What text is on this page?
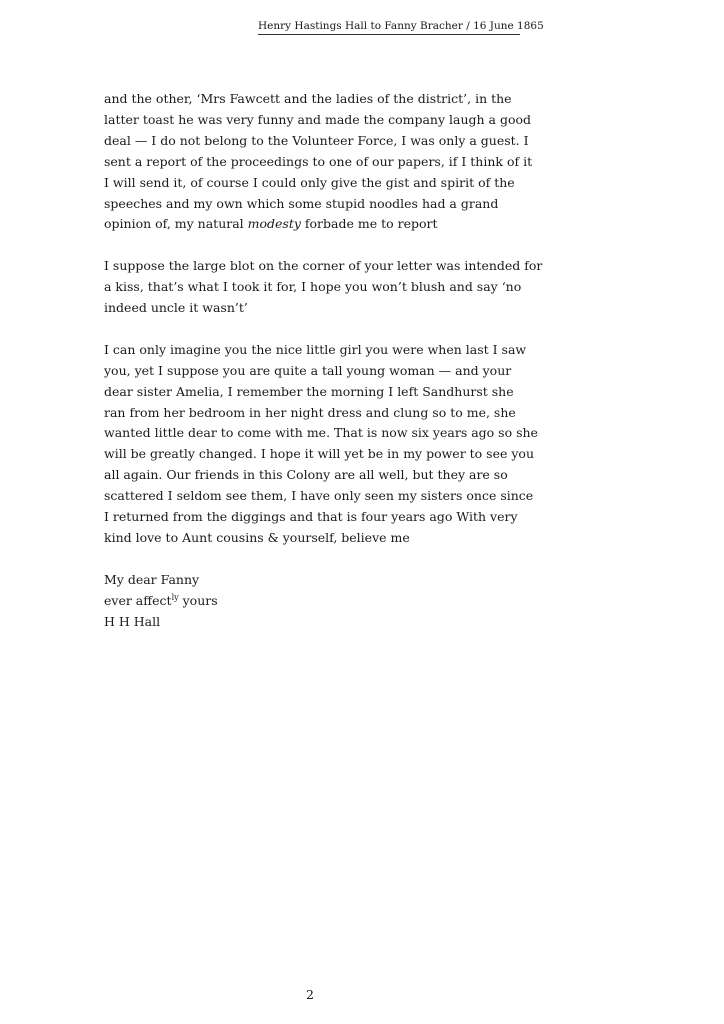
Henry Hastings Hall to Fanny Bracher / 16 June 1865

and the other, ‘Mrs Fawcett and the ladies of the district’, in the
latter toast he was very funny and made the company laugh a good
deal — I do not belong to the Volunteer Force, I was only a guest. I
sent a report of the proceedings to one of our papers, if I think of it
I will send it, of course I could only give the gist and spirit of the
speeches and my own which some stupid noodles had a grand
opinion of, my natural modesty forbade me to report

I suppose the large blot on the corner of your letter was intended for
a kiss, that’s what I took it for, I hope you won’t blush and say ‘no
indeed uncle it wasn’t’

I can only imagine you the nice little girl you were when last I saw
you, yet I suppose you are quite a tall young woman — and your
dear sister Amelia, I remember the morning I left Sandhurst she
ran from her bedroom in her night dress and clung so to me, she
wanted little dear to come with me. That is now six years ago so she
will be greatly changed. I hope it will yet be in my power to see you
all again. Our friends in this Colony are all well, but they are so
scattered I seldom see them, I have only seen my sisters once since
I returned from the diggings and that is four years ago With very
kind love to Aunt cousins & yourself, believe me

My dear Fanny
ever affect$^{ly}$ yours
H H Hall

2
